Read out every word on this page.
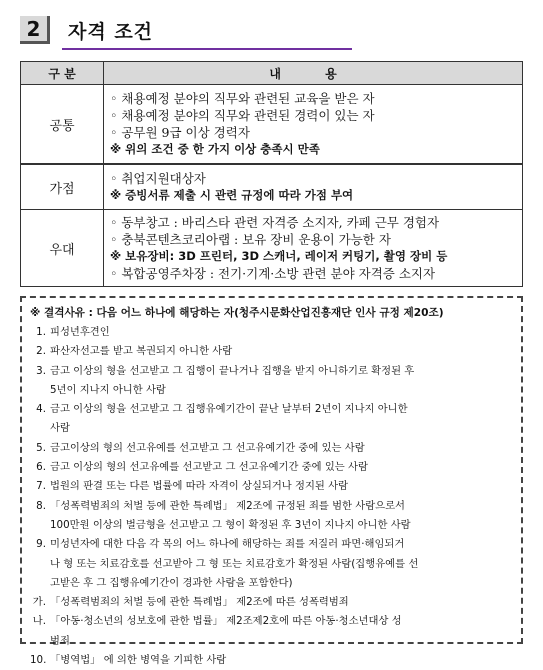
2	자격 조건
구 분	내 용
공통	◦ 채용예정 분야의 직무와 관련된 교육을 받은 자
◦ 채용예정 분야의 직무와 관련된 경력이 있는 자
◦ 공무원 9급 이상 경력자
※ 위의 조건 중 한 가지 이상 충족시 만족

가점	◦ 취업지원대상자
※ 증빙서류 제출 시 관련 규정에 따라 가점 부여

우대	◦ 동부창고 : 바리스타 관련 자격증 소지자, 카페 근무 경험자
◦ 충북콘텐츠코리아랩 : 보유 장비 운용이 가능한 자
※ 보유장비: 3D 프린터, 3D 스캐너, 레이저 커팅기, 촬영 장비 등
◦ 복합공영주차장 : 전기·기계·소방 관련 분야 자격증 소지자
※ 결격사유 : 다음 어느 하나에 해당하는 자(청주시문화산업진흥재단 인사 규정 제20조)
1. 피성년후견인
2. 파산자선고를 받고 복권되지 아니한 사람
3. 금고 이상의 형을 선고받고 그 집행이 끝나거나 집행을 받지 아니하기로 확정된 후
5년이 지나지 아니한 사람
4. 금고 이상의 형을 선고받고 그 집행유예기간이 끝난 날부터 2년이 지나지 아니한
사람
5. 금고이상의 형의 선고유예를 선고받고 그 선고유예기간 중에 있는 사람
6. 금고 이상의 형의 선고유예를 선고받고 그 선고유예기간 중에 있는 사람
7. 법원의 판결 또는 다른 법률에 따라 자격이 상실되거나 정지된 사람
8. 「성폭력범죄의 처벌 등에 관한 특례법」 제2조에 규정된 죄를 범한 사람으로서
100만원 이상의 벌금형을 선고받고 그 형이 확정된 후 3년이 지나지 아니한 사람
9. 미성년자에 대한 다음 각 목의 어느 하나에 해당하는 죄를 저질러 파면·해임되거
나 형 또는 치료감호를 선고받아 그 형 또는 치료감호가 확정된 사람(집행유예를 선
고받은 후 그 집행유예기간이 경과한 사람을 포함한다)
가. 「성폭력범죄의 처벌 등에 관한 특례법」 제2조에 따른 성폭력범죄
나. 「아동·청소년의 성보호에 관한 법률」 제2조제2호에 따른 아동·청소년대상 성
범죄
10. 「병역법」 에 의한 병역을 기피한 사람
